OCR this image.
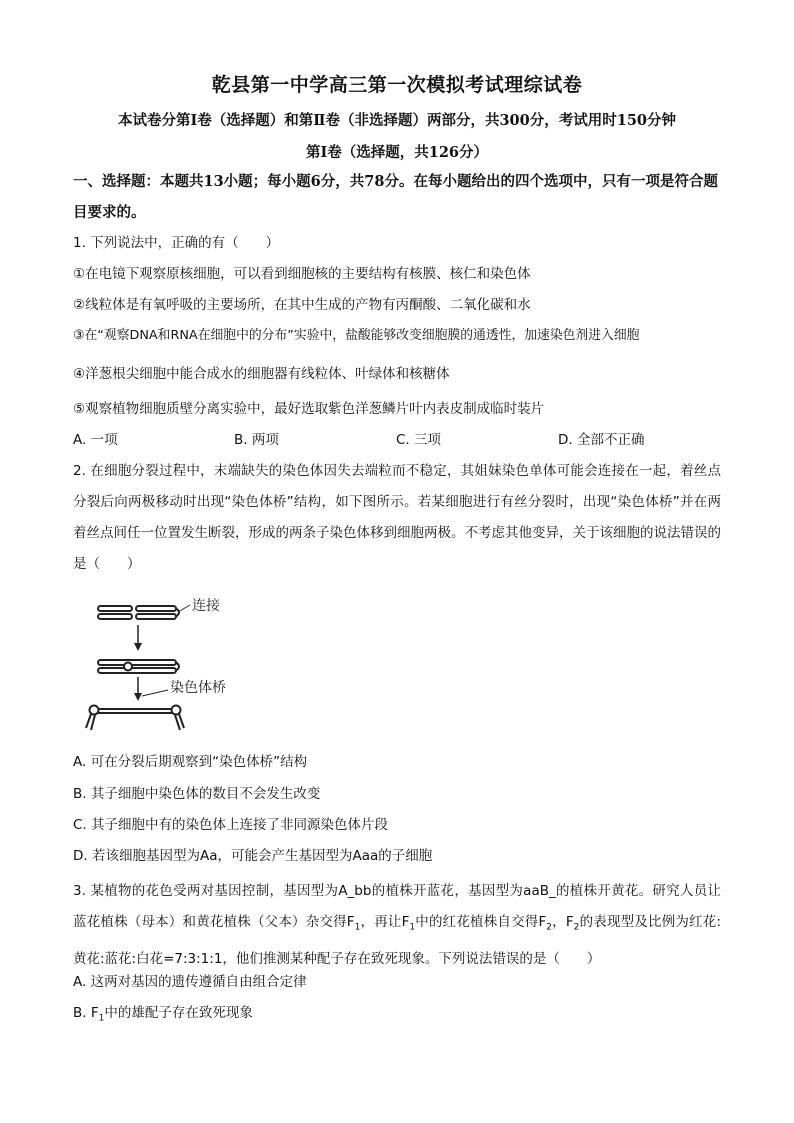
乾县第一中学高三第一次模拟考试理综试卷
本试卷分第Ⅰ卷（选择题）和第Ⅱ卷（非选择题）两部分，共300分，考试用时150分钟
第Ⅰ卷（选择题，共126分）
一、选择题：本题共13小题；每小题6分，共78分。在每小题给出的四个选项中，只有一项是符合题目要求的。
1. 下列说法中，正确的有（　　）
①在电镜下观察原核细胞，可以看到细胞核的主要结构有核膜、核仁和染色体
②线粒体是有氧呼吸的主要场所，在其中生成的产物有丙酮酸、二氧化碳和水
③在“观察DNA和RNA在细胞中的分布”实验中，盐酸能够改变细胞膜的通透性，加速染色剂进入细胞
④洋葱根尖细胞中能合成水的细胞器有线粒体、叶绿体和核糖体
⑤观察植物细胞质壁分离实验中，最好选取紫色洋葱鳞片叶内表皮制成临时装片
A. 一项	B. 两项	C. 三项	D. 全部不正确
2. 在细胞分裂过程中，末端缺失的染色体因失去端粒而不稳定，其姐妹染色单体可能会连接在一起，着丝点分裂后向两极移动时出现“染色体桥”结构，如下图所示。若某细胞进行有丝分裂时，出现“染色体桥”并在两着丝点间任一位置发生断裂，形成的两条子染色体移到细胞两极。不考虑其他变异，关于该细胞的说法错误的是（　　）
连接
染色体桥
A. 可在分裂后期观察到“染色体桥”结构
B. 其子细胞中染色体的数目不会发生改变
C. 其子细胞中有的染色体上连接了非同源染色体片段
D. 若该细胞基因型为Aa，可能会产生基因型为Aaa的子细胞
3. 某植物的花色受两对基因控制，基因型为A_bb的植株开蓝花，基因型为aaB_的植株开黄花。研究人员让蓝花植株（母本）和黄花植株（父本）杂交得$F_1$，再让$F_1$中的红花植株自交得$F_2$，$F_2$的表现型及比例为红花:黄花:蓝花:白花=7:3:1:1，他们推测某种配子存在致死现象。下列说法错误的是（　　）
A. 这两对基因的遗传遵循自由组合定律
B. $F_1$中的雄配子存在致死现象
